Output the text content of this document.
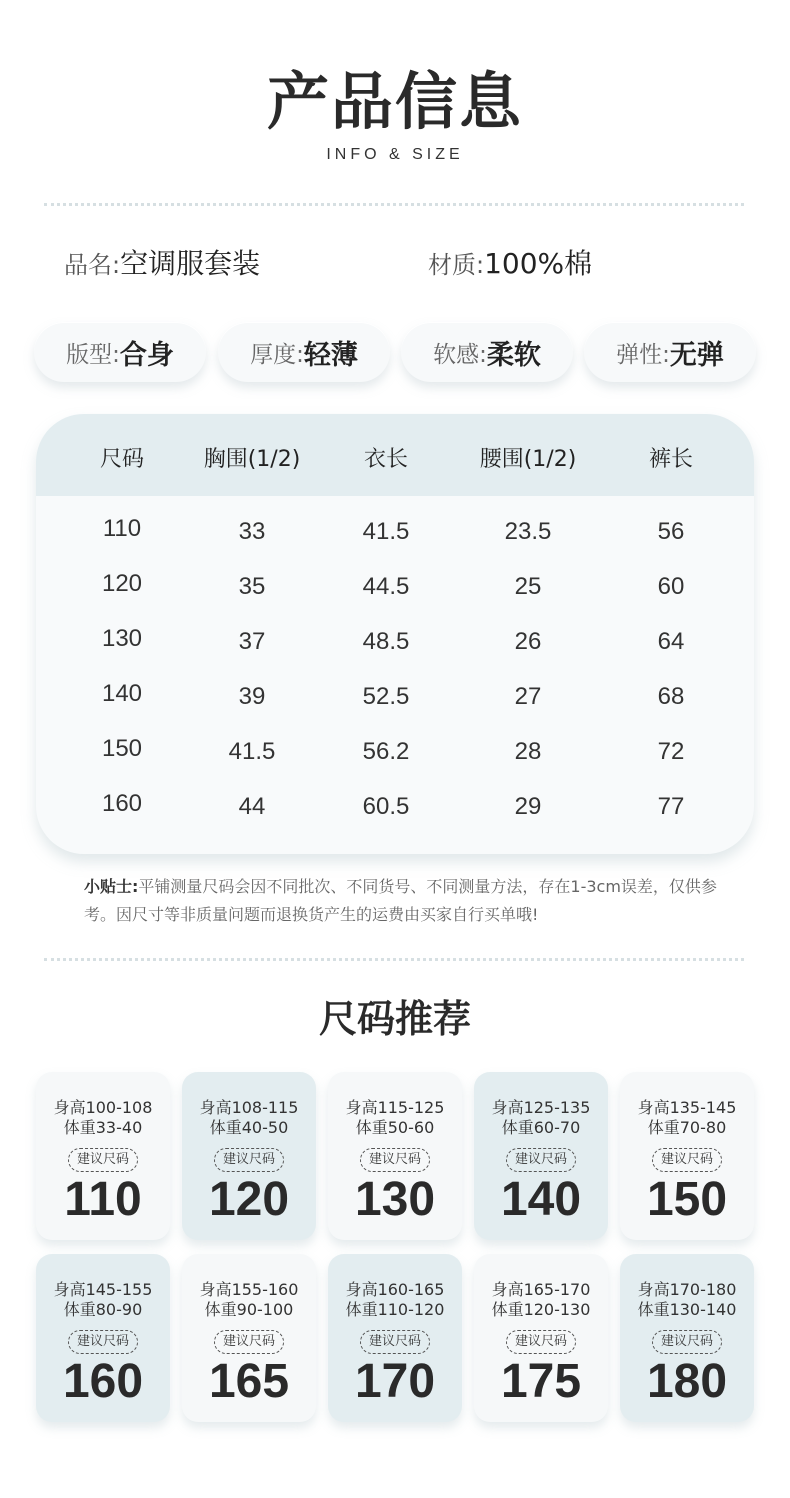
产品信息
INFO & SIZE
品名:空调服套装	材质:100%棉
版型: 合身	厚度: 轻薄	软感: 柔软	弹性: 无弹
尺码	胸围(1/2)	衣长	腰围(1/2)	裤长
110	33	41.5	23.5	56
120	35	44.5	25	60
130	37	48.5	26	64
140	39	52.5	27	68
150	41.5	56.2	28	72
160	44	60.5	29	77
小贴士:平铺测量尺码会因不同批次、不同货号、不同测量方法，存在1-3cm误差，仅供参考。因尺寸等非质量问题而退换货产生的运费由买家自行买单哦!
尺码推荐
身高100-108
体重33-40
建议尺码
110
身高108-115
体重40-50
建议尺码
120
身高115-125
体重50-60
建议尺码
130
身高125-135
体重60-70
建议尺码
140
身高135-145
体重70-80
建议尺码
150
身高145-155
体重80-90
建议尺码
160
身高155-160
体重90-100
建议尺码
165
身高160-165
体重110-120
建议尺码
170
身高165-170
体重120-130
建议尺码
175
身高170-180
体重130-140
建议尺码
180
